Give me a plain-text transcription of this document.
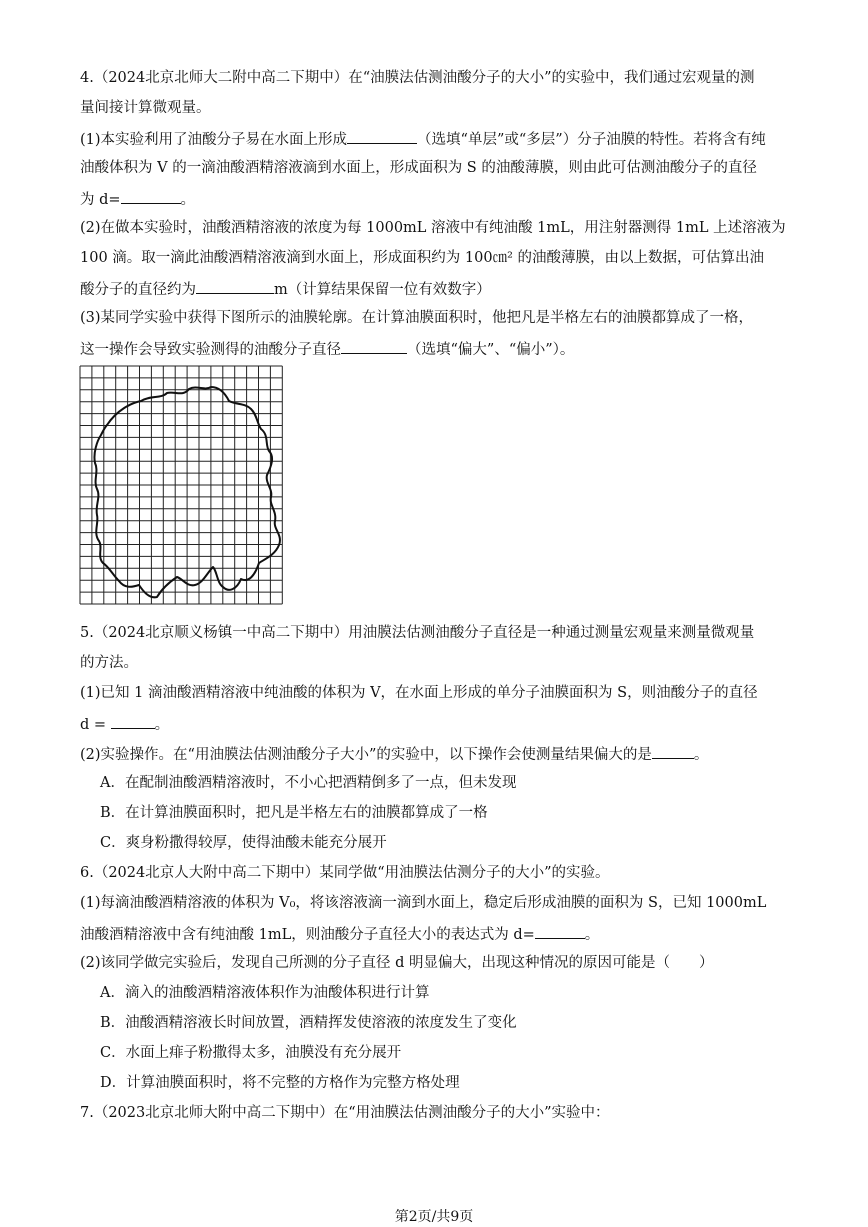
4.（2024北京北师大二附中高二下期中）在“油膜法估测油酸分子的大小”的实验中，我们通过宏观量的测
量间接计算微观量。
(1)本实验利用了油酸分子易在水面上形成	（选填“单层”或“多层”）分子油膜的特性。若将含有纯
油酸体积为 V 的一滴油酸酒精溶液滴到水面上，形成面积为 S 的油酸薄膜，则由此可估测油酸分子的直径
为 d=	。
(2)在做本实验时，油酸酒精溶液的浓度为每 1000mL 溶液中有纯油酸 1mL，用注射器测得 1mL 上述溶液为
100 滴。取一滴此油酸酒精溶液滴到水面上，形成面积约为 100㎝² 的油酸薄膜，由以上数据，可估算出油
酸分子的直径约为	m（计算结果保留一位有效数字）
(3)某同学实验中获得下图所示的油膜轮廓。在计算油膜面积时，他把凡是半格左右的油膜都算成了一格，
这一操作会导致实验测得的油酸分子直径	（选填“偏大”、“偏小”）。
5.（2024北京顺义杨镇一中高二下期中）用油膜法估测油酸分子直径是一种通过测量宏观量来测量微观量
的方法。
(1)已知 1 滴油酸酒精溶液中纯油酸的体积为 V，在水面上形成的单分子油膜面积为 S，则油酸分子的直径
d =	。
(2)实验操作。在“用油膜法估测油酸分子大小”的实验中，以下操作会使测量结果偏大的是	。
A．在配制油酸酒精溶液时，不小心把酒精倒多了一点，但未发现
B．在计算油膜面积时，把凡是半格左右的油膜都算成了一格
C．爽身粉撒得较厚，使得油酸未能充分展开
6.（2024北京人大附中高二下期中）某同学做“用油膜法估测分子的大小”的实验。
(1)每滴油酸酒精溶液的体积为 V₀，将该溶液滴一滴到水面上，稳定后形成油膜的面积为 S，已知 1000mL
油酸酒精溶液中含有纯油酸 1mL，则油酸分子直径大小的表达式为 d=	。
(2)该同学做完实验后，发现自己所测的分子直径 d 明显偏大，出现这种情况的原因可能是（　　）
A．滴入的油酸酒精溶液体积作为油酸体积进行计算
B．油酸酒精溶液长时间放置，酒精挥发使溶液的浓度发生了变化
C．水面上痱子粉撒得太多，油膜没有充分展开
D．计算油膜面积时，将不完整的方格作为完整方格处理
7.（2023北京北师大附中高二下期中）在“用油膜法估测油酸分子的大小”实验中：
第2页/共9页
